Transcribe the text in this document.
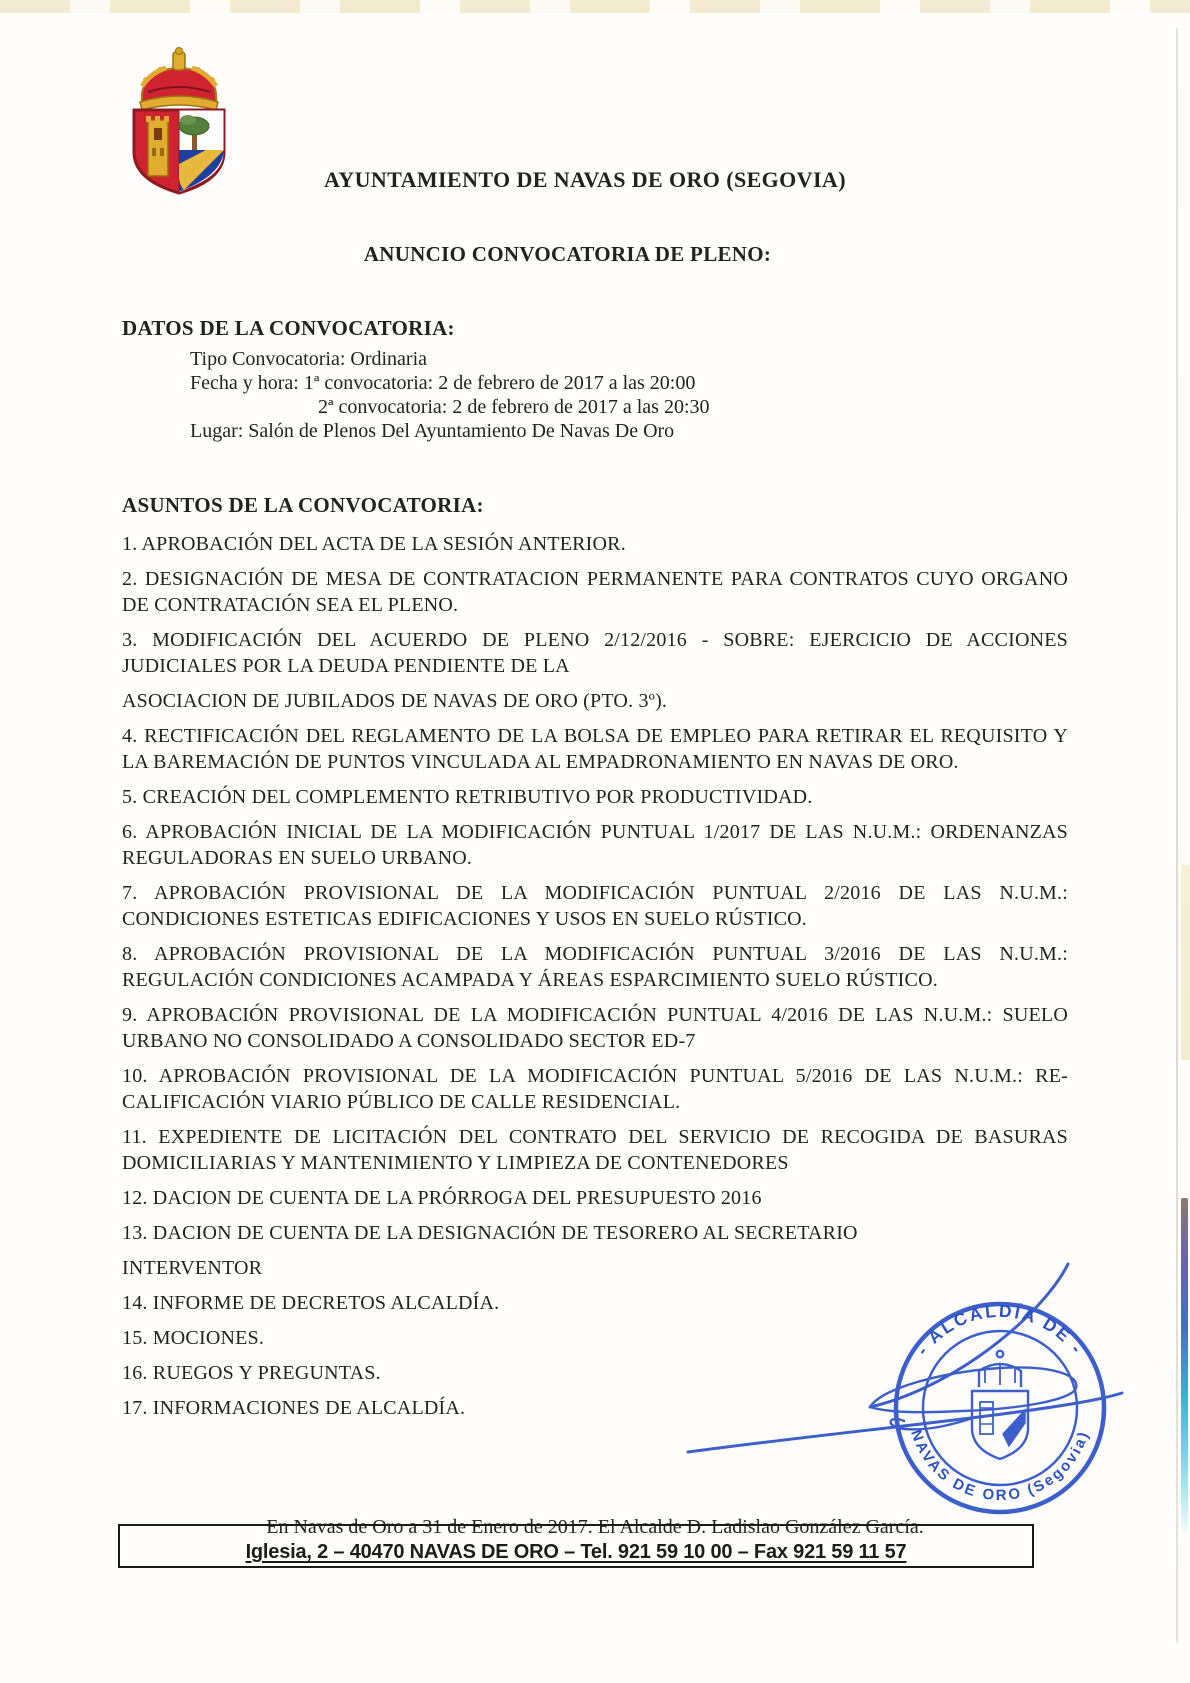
AYUNTAMIENTO DE NAVAS DE ORO (SEGOVIA)
ANUNCIO CONVOCATORIA DE PLENO:
DATOS DE LA CONVOCATORIA:
Tipo Convocatoria: Ordinaria
Fecha y hora: 1ª convocatoria: 2 de febrero de 2017 a las 20:00
2ª convocatoria: 2 de febrero de 2017 a las 20:30
Lugar: Salón de Plenos Del Ayuntamiento De Navas De Oro
ASUNTOS DE LA CONVOCATORIA:

1. APROBACIÓN DEL ACTA DE LA SESIÓN ANTERIOR.

2. DESIGNACIÓN DE MESA DE CONTRATACION PERMANENTE PARA CONTRATOS CUYO ORGANO DE CONTRATACIÓN SEA EL PLENO.

3. MODIFICACIÓN DEL ACUERDO DE PLENO 2/12/2016 - SOBRE: EJERCICIO DE ACCIONES JUDICIALES POR LA DEUDA PENDIENTE DE LA

ASOCIACION DE JUBILADOS DE NAVAS DE ORO (PTO. 3º).

4. RECTIFICACIÓN DEL REGLAMENTO DE LA BOLSA DE EMPLEO PARA RETIRAR EL REQUISITO Y LA BAREMACIÓN DE PUNTOS VINCULADA AL EMPADRONAMIENTO EN NAVAS DE ORO.

5. CREACIÓN DEL COMPLEMENTO RETRIBUTIVO POR PRODUCTIVIDAD.

6. APROBACIÓN INICIAL DE LA MODIFICACIÓN PUNTUAL 1/2017 DE LAS N.U.M.: ORDENANZAS REGULADORAS EN SUELO URBANO.

7. APROBACIÓN PROVISIONAL DE LA MODIFICACIÓN PUNTUAL 2/2016 DE LAS N.U.M.: CONDICIONES ESTETICAS EDIFICACIONES Y USOS EN SUELO RÚSTICO.

8. APROBACIÓN PROVISIONAL DE LA MODIFICACIÓN PUNTUAL 3/2016 DE LAS N.U.M.: REGULACIÓN CONDICIONES ACAMPADA Y ÁREAS ESPARCIMIENTO SUELO RÚSTICO.

9. APROBACIÓN PROVISIONAL DE LA MODIFICACIÓN PUNTUAL 4/2016 DE LAS N.U.M.: SUELO URBANO NO CONSOLIDADO A CONSOLIDADO SECTOR ED-7

10. APROBACIÓN PROVISIONAL DE LA MODIFICACIÓN PUNTUAL 5/2016 DE LAS N.U.M.: RE-CALIFICACIÓN VIARIO PÚBLICO DE CALLE RESIDENCIAL.

11. EXPEDIENTE DE LICITACIÓN DEL CONTRATO DEL SERVICIO DE RECOGIDA DE BASURAS DOMICILIARIAS Y MANTENIMIENTO Y LIMPIEZA DE CONTENEDORES

12. DACION DE CUENTA DE LA PRÓRROGA DEL PRESUPUESTO 2016

13. DACION DE CUENTA DE LA DESIGNACIÓN DE TESORERO AL SECRETARIO

INTERVENTOR

14. INFORME DE DECRETOS ALCALDÍA.

15. MOCIONES.

16. RUEGOS Y PREGUNTAS.

17. INFORMACIONES DE ALCALDÍA.

En Navas de Oro a 31 de Enero de 2017. El Alcalde D. Ladislao González García.

Iglesia, 2 – 40470 NAVAS DE ORO – Tel. 921 59 10 00 – Fax 921 59 11 57
- ALCALDÍA DE -
NAVAS DE ORO (Segovia)
